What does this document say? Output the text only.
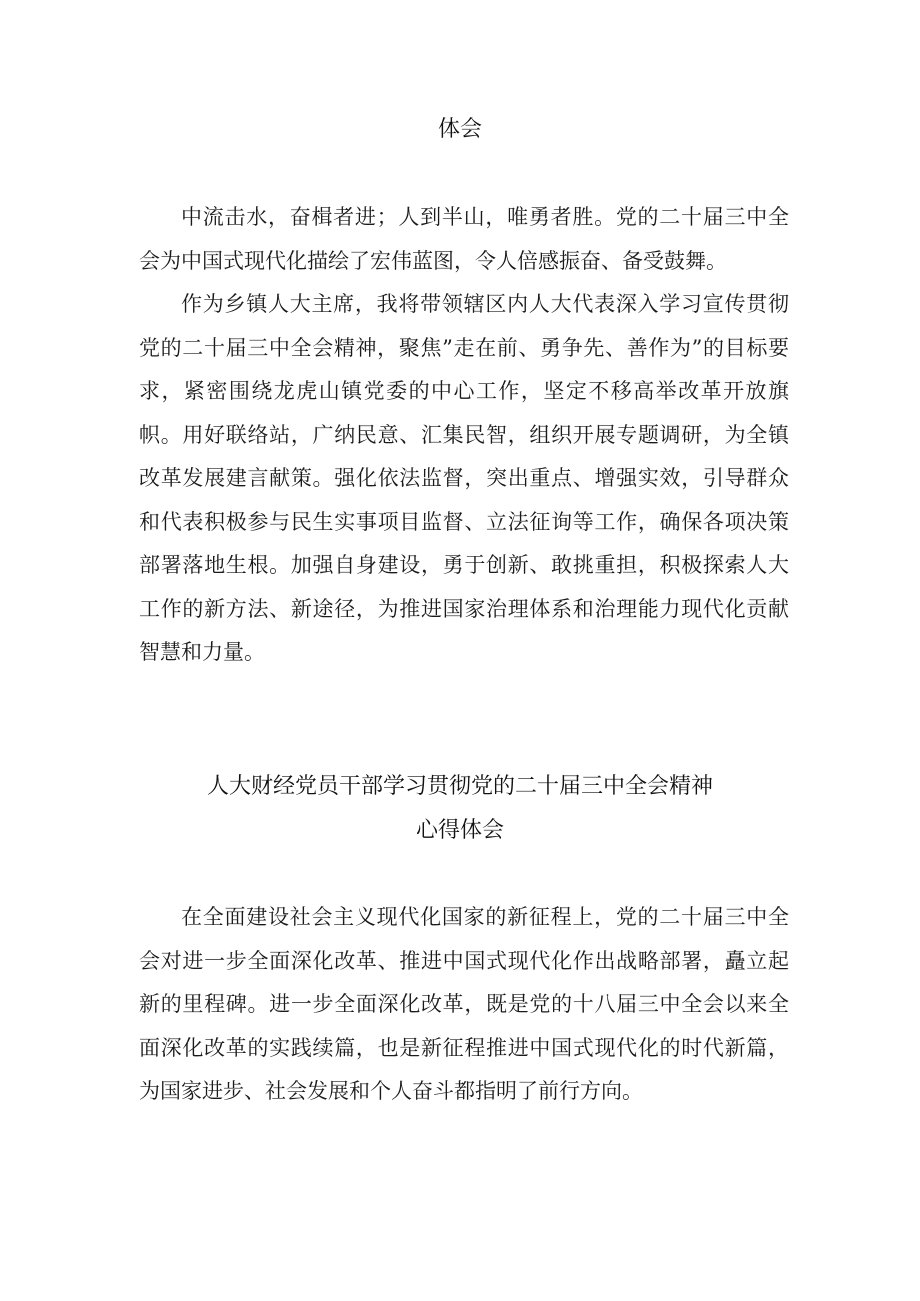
体会

中流击水，奋楫者进；人到半山，唯勇者胜。党的二十届三中全会为中国式现代化描绘了宏伟蓝图，令人倍感振奋、备受鼓舞。

作为乡镇人大主席，我将带领辖区内人大代表深入学习宣传贯彻党的二十届三中全会精神，聚焦”走在前、勇争先、善作为”的目标要求，紧密围绕龙虎山镇党委的中心工作，坚定不移高举改革开放旗帜。用好联络站，广纳民意、汇集民智，组织开展专题调研，为全镇改革发展建言献策。强化依法监督，突出重点、增强实效，引导群众和代表积极参与民生实事项目监督、立法征询等工作，确保各项决策部署落地生根。加强自身建设，勇于创新、敢挑重担，积极探索人大工作的新方法、新途径，为推进国家治理体系和治理能力现代化贡献智慧和力量。

人大财经党员干部学习贯彻党的二十届三中全会精神
心得体会

在全面建设社会主义现代化国家的新征程上，党的二十届三中全会对进一步全面深化改革、推进中国式现代化作出战略部署，矗立起新的里程碑。进一步全面深化改革，既是党的十八届三中全会以来全面深化改革的实践续篇，也是新征程推进中国式现代化的时代新篇，为国家进步、社会发展和个人奋斗都指明了前行方向。
